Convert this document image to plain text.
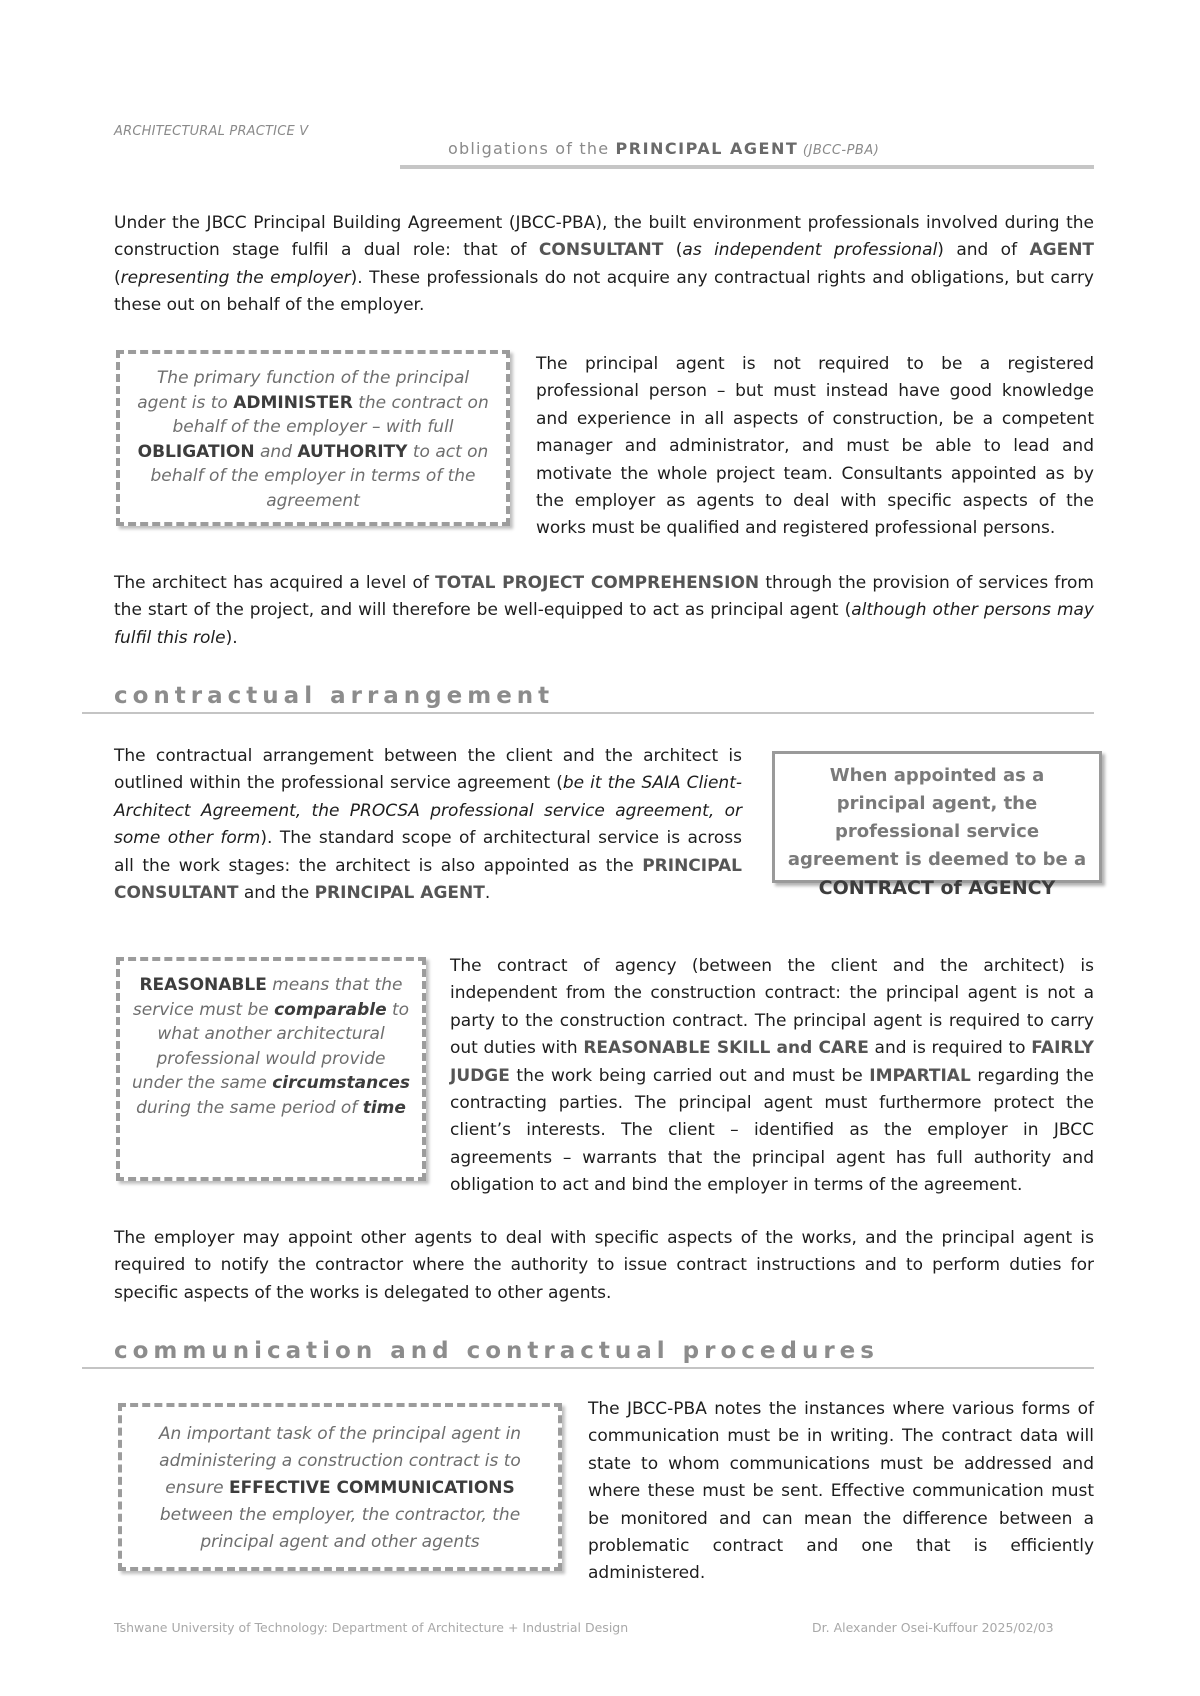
ARCHITECTURAL PRACTICE V
obligations of the PRINCIPAL AGENT (JBCC-PBA)
Under the JBCC Principal Building Agreement (JBCC-PBA), the built environment professionals involved during the construction stage fulfil a dual role: that of CONSULTANT (as independent professional) and of AGENT (representing the employer). These professionals do not acquire any contractual rights and obligations, but carry these out on behalf of the employer.
The primary function of the principal agent is to ADMINISTER the contract on behalf of the employer – with full OBLIGATION and AUTHORITY to act on behalf of the employer in terms of the agreement
The principal agent is not required to be a registered professional person – but must instead have good knowledge and experience in all aspects of construction, be a competent manager and administrator, and must be able to lead and motivate the whole project team. Consultants appointed as by the employer as agents to deal with specific aspects of the works must be qualified and registered professional persons.
The architect has acquired a level of TOTAL PROJECT COMPREHENSION through the provision of services from the start of the project, and will therefore be well-equipped to act as principal agent (although other persons may fulfil this role).
contractual arrangement
The contractual arrangement between the client and the architect is outlined within the professional service agreement (be it the SAIA Client-Architect Agreement, the PROCSA professional service agreement, or some other form). The standard scope of architectural service is across all the work stages: the architect is also appointed as the PRINCIPAL CONSULTANT and the PRINCIPAL AGENT.
When appointed as a principal agent, the professional service agreement is deemed to be a
CONTRACT of AGENCY
REASONABLE means that the service must be comparable to what another architectural professional would provide under the same circumstances during the same period of time
The contract of agency (between the client and the architect) is independent from the construction contract: the principal agent is not a party to the construction contract. The principal agent is required to carry out duties with REASONABLE SKILL and CARE and is required to FAIRLY JUDGE the work being carried out and must be IMPARTIAL regarding the contracting parties. The principal agent must furthermore protect the client’s interests. The client – identified as the employer in JBCC agreements – warrants that the principal agent has full authority and obligation to act and bind the employer in terms of the agreement.
The employer may appoint other agents to deal with specific aspects of the works, and the principal agent is required to notify the contractor where the authority to issue contract instructions and to perform duties for specific aspects of the works is delegated to other agents.
communication and contractual procedures
An important task of the principal agent in administering a construction contract is to ensure EFFECTIVE COMMUNICATIONS between the employer, the contractor, the principal agent and other agents
The JBCC-PBA notes the instances where various forms of communication must be in writing. The contract data will state to whom communications must be addressed and where these must be sent. Effective communication must be monitored and can mean the difference between a problematic contract and one that is efficiently administered.
Tshwane University of Technology: Department of Architecture + Industrial Design	Dr. Alexander Osei-Kuffour 2025/02/03
